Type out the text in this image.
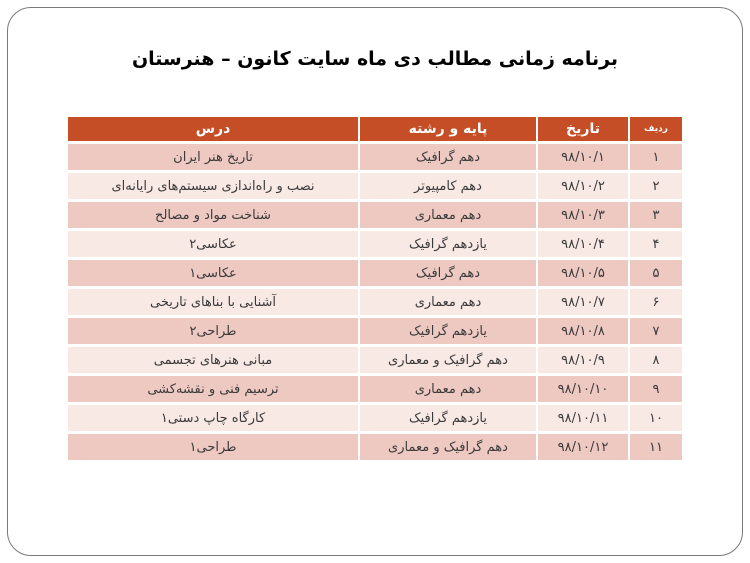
برنامه زمانی مطالب دی ماه سایت کانون – هنرستان
ردیف	تاریخ	پایه و رشته	درس
۱	۹۸/۱۰/۱	دهم گرافیک	تاریخ هنر ایران
۲	۹۸/۱۰/۲	دهم کامپیوتر	نصب و راه‌اندازی سیستم‌های رایانه‌ای
۳	۹۸/۱۰/۳	دهم معماری	شناخت مواد و مصالح
۴	۹۸/۱۰/۴	یازدهم گرافیک	عکاسی۲
۵	۹۸/۱۰/۵	دهم گرافیک	عکاسی۱
۶	۹۸/۱۰/۷	دهم معماری	آشنایی با بناهای تاریخی
۷	۹۸/۱۰/۸	یازدهم گرافیک	طراحی۲
۸	۹۸/۱۰/۹	دهم گرافیک و معماری	مبانی هنرهای تجسمی
۹	۹۸/۱۰/۱۰	دهم معماری	ترسیم فنی و نقشه‌کشی
۱۰	۹۸/۱۰/۱۱	یازدهم گرافیک	کارگاه چاپ دستی۱
۱۱	۹۸/۱۰/۱۲	دهم گرافیک و معماری	طراحی۱
